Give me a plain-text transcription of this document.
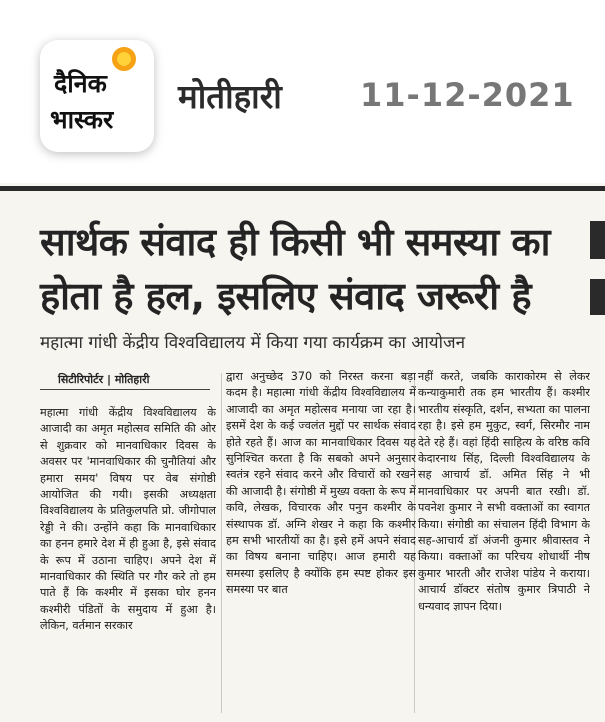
दैनिक
भास्कर
मोतीहारी 11-12-2021
सार्थक संवाद ही किसी भी समस्या का
होता है हल, इसलिए संवाद जरूरी है
महात्मा गांधी केंद्रीय विश्वविद्यालय में किया गया कार्यक्रम का आयोजन
सिटीरिपोर्टर | मोतिहारी

महात्मा गांधी केंद्रीय विश्वविद्यालय के आजादी का अमृत महोत्सव समिति की ओर से शुक्रवार को मानवाधिकार दिवस के अवसर पर 'मानवाधिकार की चुनौतियां और हमारा समय' विषय पर वेब संगोष्ठी आयोजित की गयी। इसकी अध्यक्षता विश्वविद्यालय के प्रतिकुलपति प्रो. जीगोपाल रेड्डी ने की। उन्होंने कहा कि मानवाधिकार का हनन हमारे देश में ही हुआ है, इसे संवाद के रूप में उठाना चाहिए। अपने देश में मानवाधिकार की स्थिति पर गौर करे तो हम पाते हैं कि कश्मीर में इसका घोर हनन कश्मीरी पंडितों के समुदाय में हुआ है। लेकिन, वर्तमान सरकार

द्वारा अनुच्छेद 370 को निरस्त करना बड़ा कदम है। महात्मा गांधी केंद्रीय विश्वविद्यालय में आजादी का अमृत महोत्सव मनाया जा रहा है। इसमें देश के कई ज्वलंत मुद्दों पर सार्थक संवाद होते रहते हैं। आज का मानवाधिकार दिवस यह सुनिश्चित करता है कि सबको अपने अनुसार स्वतंत्र रहने संवाद करने और विचारों को रखने की आजादी है। संगोष्ठी में मुख्य वक्ता के रूप में कवि, लेखक, विचारक और पनुन कश्मीर के संस्थापक डॉ. अग्नि शेखर ने कहा कि कश्मीर हम सभी भारतीयों का है। इसे हमें अपने संवाद का विषय बनाना चाहिए। आज हमारी यह समस्या इसलिए है क्योंकि हम स्पष्ट होकर इस समस्या पर बात

नहीं करते, जबकि काराकोरम से लेकर कन्याकुमारी तक हम भारतीय हैं। कश्मीर भारतीय संस्कृति, दर्शन, सभ्यता का पालना रहा है। इसे हम मुकुट, स्वर्ग, सिरमौर नाम देते रहे हैं। वहां हिंदी साहित्य के वरिष्ठ कवि केदारनाथ सिंह, दिल्ली विश्वविद्यालय के सह आचार्य डॉ. अमित सिंह ने भी मानवाधिकार पर अपनी बात रखी। डॉ. पवनेश कुमार ने सभी वक्ताओं का स्वागत किया। संगोष्ठी का संचालन हिंदी विभाग के सह-आचार्य डॉ अंजनी कुमार श्रीवास्तव ने किया। वक्ताओं का परिचय शोधार्थी नीष कुमार भारती और राजेश पांडेय ने कराया। आचार्य डॉक्टर संतोष कुमार त्रिपाठी ने धन्यवाद ज्ञापन दिया।
